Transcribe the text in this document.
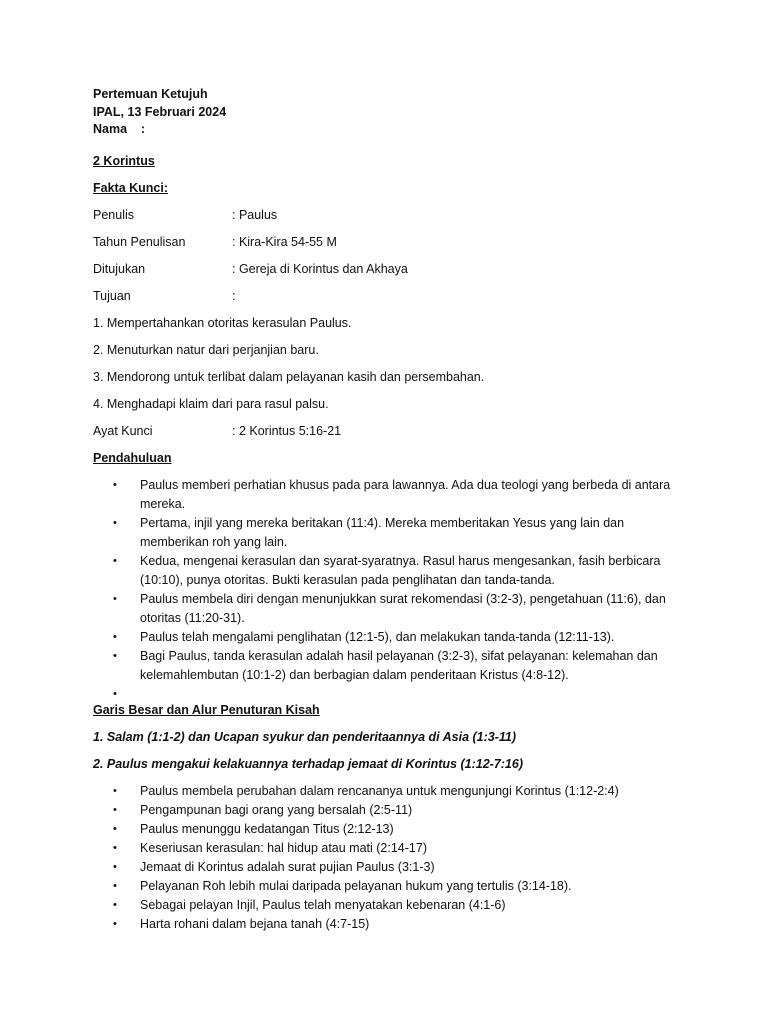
Pertemuan Ketujuh
IPAL, 13 Februari 2024
Nama    :
2 Korintus
Fakta Kunci:
Penulis	: Paulus
Tahun Penulisan	: Kira-Kira 54-55 M
Ditujukan	: Gereja di Korintus dan Akhaya
Tujuan	:
1. Mempertahankan otoritas kerasulan Paulus.
2. Menuturkan natur dari perjanjian baru.
3. Mendorong untuk terlibat dalam pelayanan kasih dan persembahan.
4. Menghadapi klaim dari para rasul palsu.
Ayat Kunci	: 2 Korintus 5:16-21
Pendahuluan
• Paulus memberi perhatian khusus pada para lawannya. Ada dua teologi yang berbeda di antara mereka.
• Pertama, injil yang mereka beritakan (11:4). Mereka memberitakan Yesus yang lain dan memberikan roh yang lain.
• Kedua, mengenai kerasulan dan syarat-syaratnya. Rasul harus mengesankan, fasih berbicara (10:10), punya otoritas. Bukti kerasulan pada penglihatan dan tanda-tanda.
• Paulus membela diri dengan menunjukkan surat rekomendasi (3:2-3), pengetahuan (11:6), dan otoritas (11:20-31).
• Paulus telah mengalami penglihatan (12:1-5), dan melakukan tanda-tanda (12:11-13).
• Bagi Paulus, tanda kerasulan adalah hasil pelayanan (3:2-3), sifat pelayanan: kelemahan dan kelemahlembutan (10:1-2) dan berbagian dalam penderitaan Kristus (4:8-12).
•

Garis Besar dan Alur Penuturan Kisah
1. Salam (1:1-2) dan Ucapan syukur dan penderitaannya di Asia (1:3-11)
2. Paulus mengakui kelakuannya terhadap jemaat di Korintus (1:12-7:16)
• Paulus membela perubahan dalam rencananya untuk mengunjungi Korintus (1:12-2:4)
• Pengampunan bagi orang yang bersalah (2:5-11)
• Paulus menunggu kedatangan Titus (2:12-13)
• Keseriusan kerasulan: hal hidup atau mati (2:14-17)
• Jemaat di Korintus adalah surat pujian Paulus (3:1-3)
• Pelayanan Roh lebih mulai daripada pelayanan hukum yang tertulis (3:14-18).
• Sebagai pelayan Injil, Paulus telah menyatakan kebenaran (4:1-6)
• Harta rohani dalam bejana tanah (4:7-15)
